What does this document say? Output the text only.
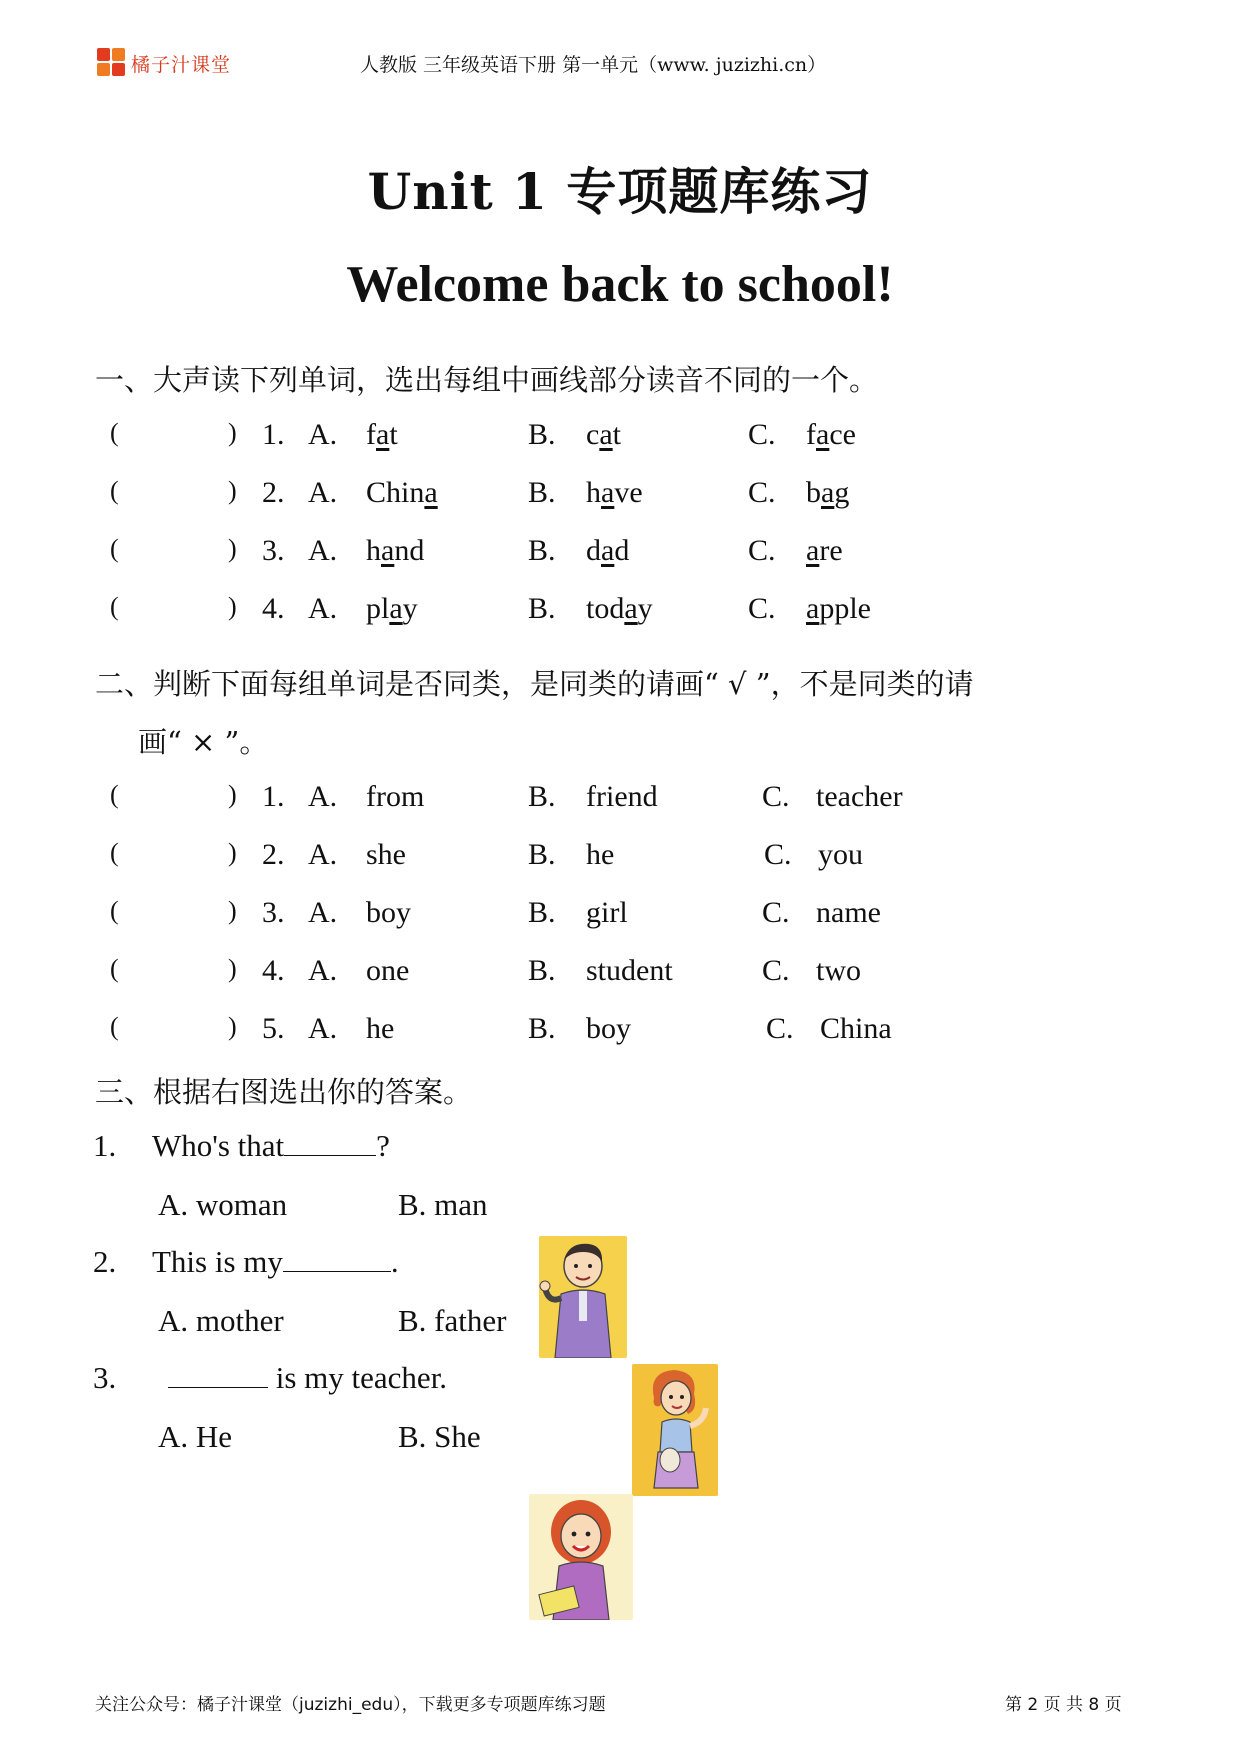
橘子汁课堂	人教版 三年级英语下册 第一单元（www. juzizhi.cn）
Unit 1 专项题库练习
Welcome back to school!
一、大声读下列单词，选出每组中画线部分读音不同的一个。
(	) 1. A. fat	B. cat	C. face
(	) 2. A. China	B. have	C. bag
(	) 3. A. hand	B. dad	C. are
(	) 4. A. play	B. today	C. apple
二、判断下面每组单词是否同类，是同类的请画“ √ ”，不是同类的请
画“ × ”。
(	) 1. A. from	B. friend	C. teacher
(	) 2. A. she	B. he	C. you
(	) 3. A. boy	B. girl	C. name
(	) 4. A. one	B. student	C. two
(	) 5. A. he	B. boy	C. China
三、根据右图选出你的答案。
1. Who's that	?
A. woman	B. man
2. This is my	.
A. mother	B. father
3.	is my teacher.
A. He	B. She
关注公众号：橘子汁课堂（juzizhi_edu），下载更多专项题库练习题	第 2 页 共 8 页
